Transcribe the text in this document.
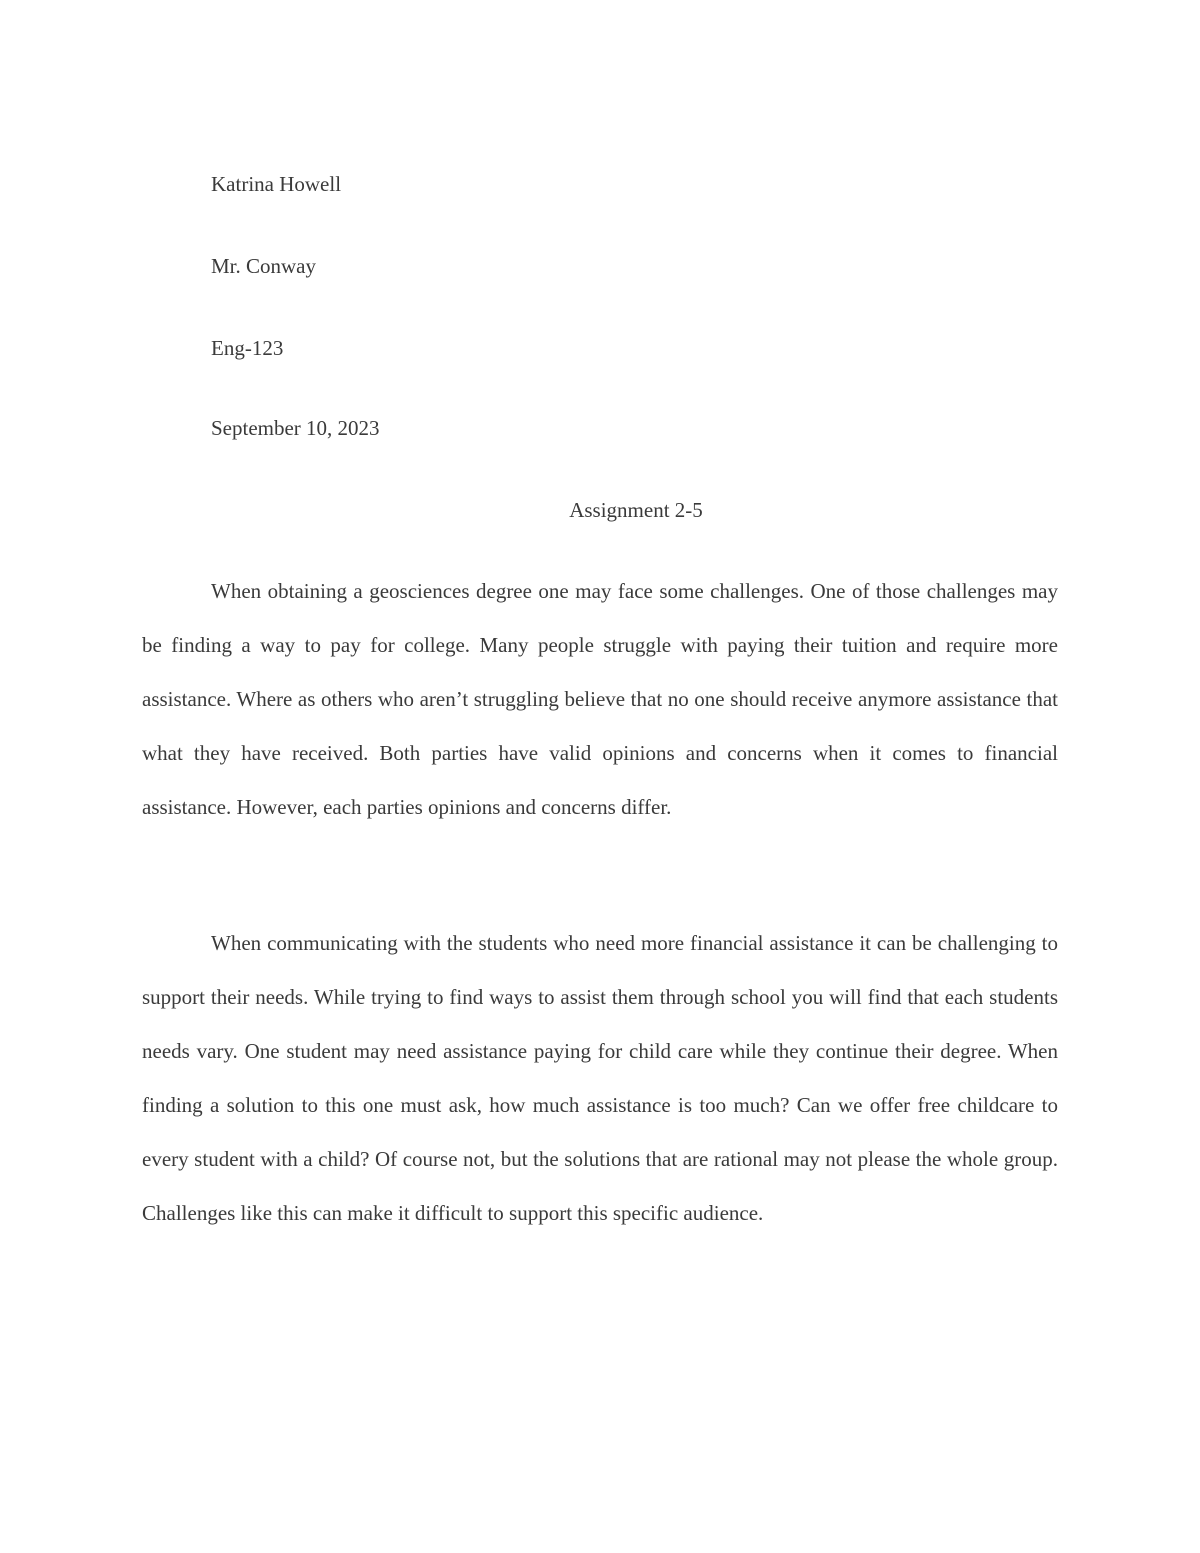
Katrina Howell

Mr. Conway

Eng-123

September 10, 2023

Assignment 2-5

When obtaining a geosciences degree one may face some challenges. One of those challenges may be finding a way to pay for college. Many people struggle with paying their tuition and require more assistance. Where as others who aren’t struggling believe that no one should receive anymore assistance that what they have received. Both parties have valid opinions and concerns when it comes to financial assistance. However, each parties opinions and concerns differ.

When communicating with the students who need more financial assistance it can be challenging to support their needs. While trying to find ways to assist them through school you will find that each students needs vary. One student may need assistance paying for child care while they continue their degree. When finding a solution to this one must ask, how much assistance is too much? Can we offer free childcare to every student with a child? Of course not, but the solutions that are rational may not please the whole group. Challenges like this can make it difficult to support this specific audience.
